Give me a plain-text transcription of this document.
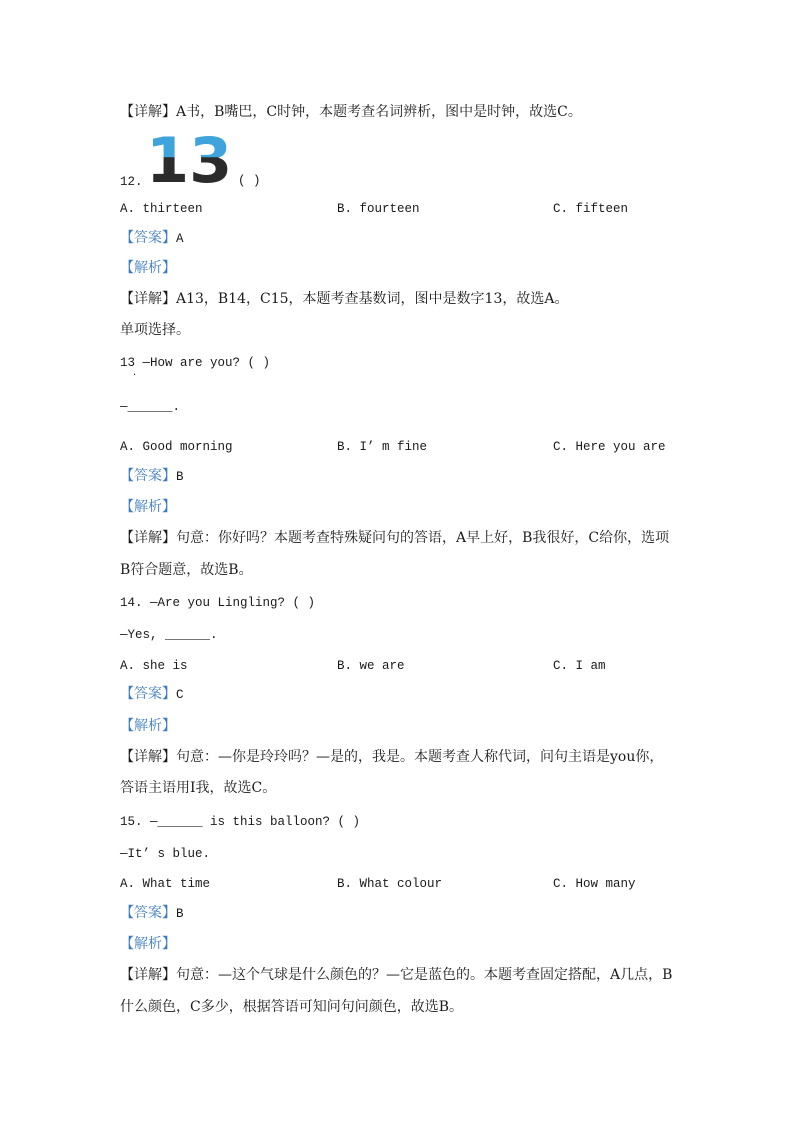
【详解】A书，B嘴巴，C时钟，本题考查名词辨析，图中是时钟，故选C。
13
12.	( )
A. thirteen	B. fourteen	C. fifteen
【答案】A
【解析】
【详解】A13，B14，C15，本题考查基数词，图中是数字13，故选A。
单项选择。
13 —How are you? ( )
·
—______.
A. Good morning	B. I’ m fine	C. Here you are
【答案】B
【解析】
【详解】句意：你好吗？本题考查特殊疑问句的答语，A早上好，B我很好，C给你，选项
B符合题意，故选B。
14. —Are you Lingling? ( )
—Yes, ______.
A. she is	B. we are	C. I am
【答案】C
【解析】
【详解】句意：—你是玲玲吗？—是的，我是。本题考查人称代词，问句主语是you你，
答语主语用I我，故选C。
15. —______ is this balloon? ( )
—It’ s blue.
A. What time	B. What colour	C. How many
【答案】B
【解析】
【详解】句意：—这个气球是什么颜色的？—它是蓝色的。本题考查固定搭配，A几点，B
什么颜色，C多少，根据答语可知问句问颜色，故选B。
